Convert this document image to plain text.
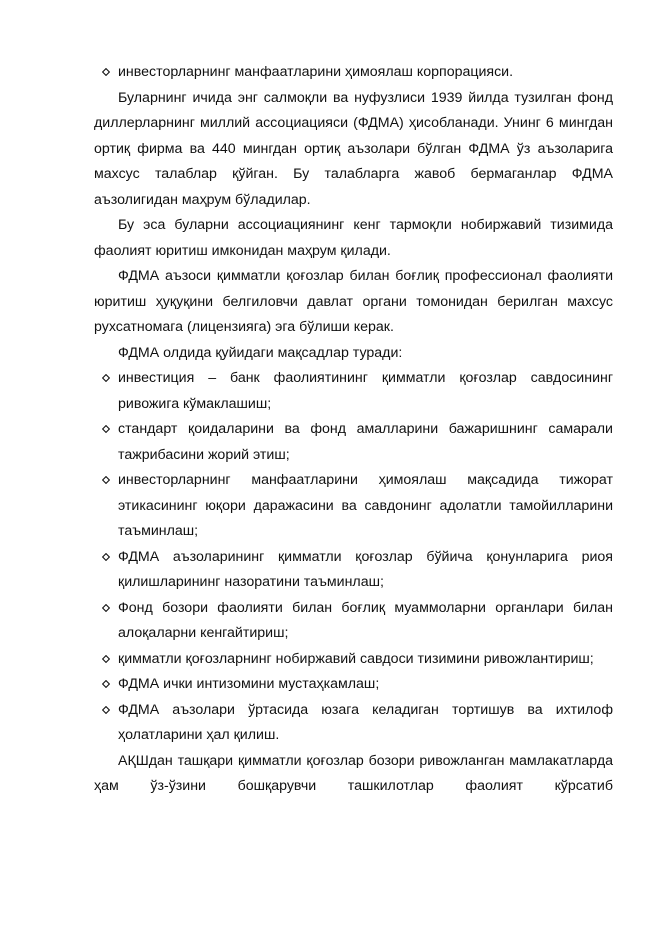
инвесторларнинг манфаатларини ҳимоялаш корпорацияси.

Буларнинг ичида энг салмоқли ва нуфузлиси 1939 йилда тузилган фонд диллерларнинг миллий ассоциацияси (ФДМА) ҳисобланади. Унинг 6 мингдан ортиқ фирма ва 440 мингдан ортиқ аъзолари бўлган ФДМА ўз аъзоларига махсус талаблар қўйган. Бу талабларга жавоб бермаганлар ФДМА аъзолигидан маҳрум бўладилар.

Бу эса буларни ассоциациянинг кенг тармоқли нобиржавий тизимида фаолият юритиш имконидан маҳрум қилади.

ФДМА аъзоси қимматли қоғозлар билан боғлиқ профессионал фаолияти юритиш ҳуқуқини белгиловчи давлат органи томонидан берилган махсус рухсатномага (лицензияга) эга бўлиши керак.

ФДМА олдида қуйидаги мақсадлар туради:

инвестиция – банк фаолиятининг қимматли қоғозлар савдосининг ривожига кўмаклашиш;

стандарт қоидаларини ва фонд амалларини бажаришнинг самарали тажрибасини жорий этиш;

инвесторларнинг манфаатларини ҳимоялаш мақсадида тижорат этикасининг юқори даражасини ва савдонинг адолатли тамойилларини таъминлаш;

ФДМА аъзоларининг қимматли қоғозлар бўйича қонунларига риоя қилишларининг назоратини таъминлаш;

Фонд бозори фаолияти билан боғлиқ муаммоларни органлари билан алоқаларни кенгайтириш;

қимматли қоғозларнинг нобиржавий савдоси тизимини ривожлантириш;

ФДМА ички интизомини мустаҳкамлаш;

ФДМА аъзолари ўртасида юзага келадиган тортишув ва ихтилоф ҳолатларини ҳал қилиш.

АҚШдан ташқари қимматли қоғозлар бозори ривожланган мамлакатларда ҳам ўз-ўзини бошқарувчи ташкилотлар фаолият кўрсатиб
